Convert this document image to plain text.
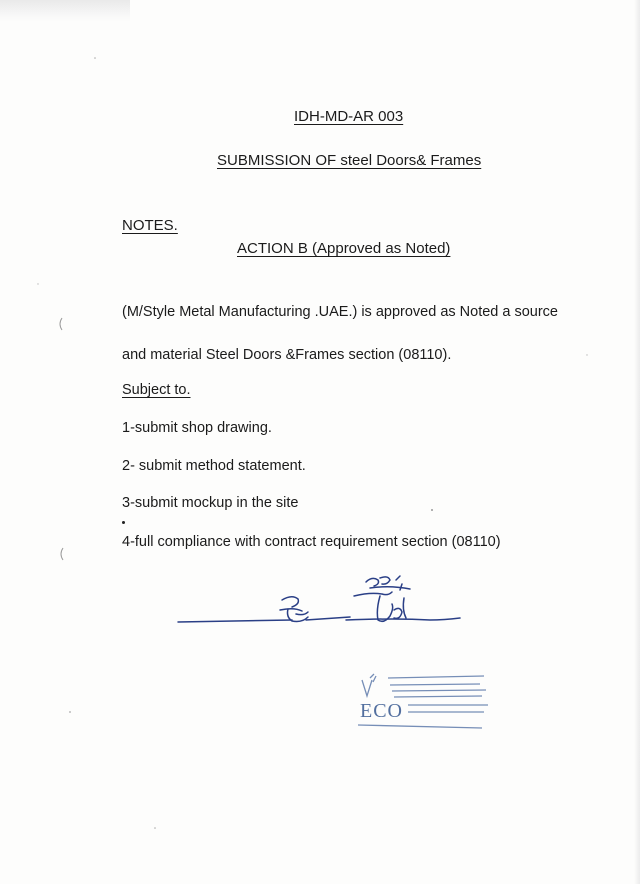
IDH-MD-AR 003
SUBMISSION OF steel Doors& Frames
NOTES.
ACTION B (Approved as Noted)
(M/Style Metal Manufacturing .UAE.) is approved as Noted a source
and material Steel Doors &Frames section (08110).
Subject to.
1-submit shop drawing.
2- submit method statement.
3-submit mockup in the site
4-full compliance with contract requirement section (08110)
ECO
